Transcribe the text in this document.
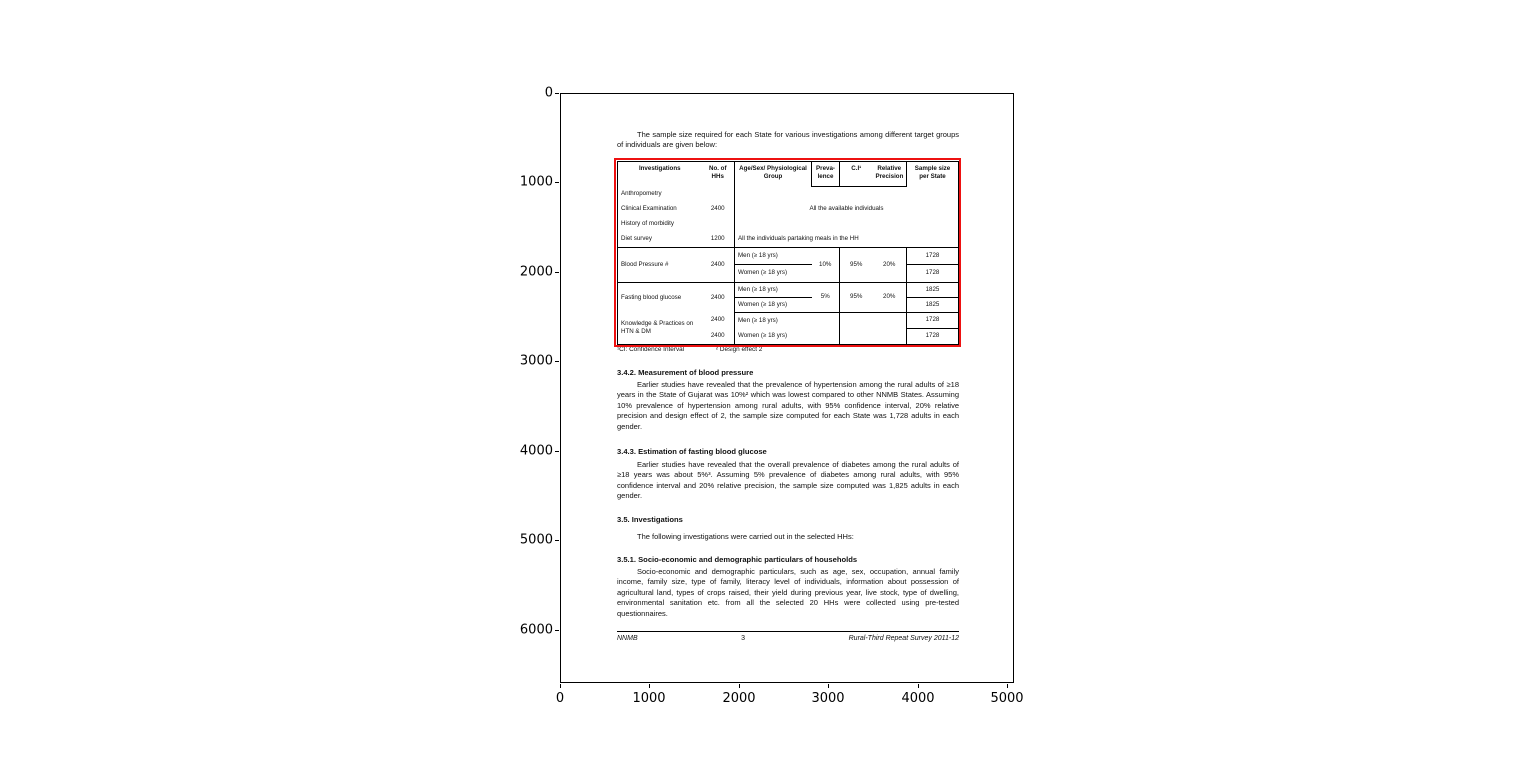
0
1000
2000
3000
4000
5000
6000
0	1000	2000	3000	4000	5000

The sample size required for each State for various investigations among different target groups of individuals are given below:

Investigations	No. of HHs	Age/Sex/ Physiological Group	Preva- lence	C.I¹	Relative Precision	Sample size per State
Anthropometry		All the available individuals				
Clinical Examination	2400					
History of morbidity						
Diet survey	1200	All the individuals partaking meals in the HH				
Blood Pressure #	2400	Men (≥ 18 yrs)	10%	95%	20%	1728
		Women (≥ 18 yrs)				1728
Fasting blood glucose	2400	Men (≥ 18 yrs)	5%	95%	20%	1825
		Women (≥ 18 yrs)				1825
Knowledge & Practices on HTN & DM	2400	Men (≥ 18 yrs)				1728
	2400	Women (≥ 18 yrs)				1728

¹CI: Confidence Interval	² Design effect 2

3.4.2. Measurement of blood pressure

Earlier studies have revealed that the prevalence of hypertension among the rural adults of ≥18 years in the State of Gujarat was 10%² which was lowest compared to other NNMB States. Assuming 10% prevalence of hypertension among rural adults, with 95% confidence interval, 20% relative precision and design effect of 2, the sample size computed for each State was 1,728 adults in each gender.

3.4.3. Estimation of fasting blood glucose

Earlier studies have revealed that the overall prevalence of diabetes among the rural adults of ≥18 years was about 5%³. Assuming 5% prevalence of diabetes among rural adults, with 95% confidence interval and 20% relative precision, the sample size computed was 1,825 adults in each gender.

3.5. Investigations

The following investigations were carried out in the selected HHs:

3.5.1. Socio-economic and demographic particulars of households

Socio-economic and demographic particulars, such as age, sex, occupation, annual family income, family size, type of family, literacy level of individuals, information about possession of agricultural land, types of crops raised, their yield during previous year, live stock, type of dwelling, environmental sanitation etc. from all the selected 20 HHs were collected using pre-tested questionnaires.

NNMB	3	Rural-Third Repeat Survey 2011-12
